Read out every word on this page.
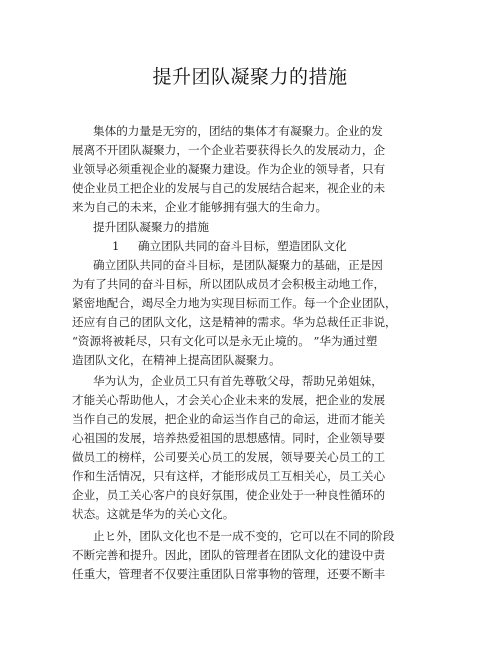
提升团队凝聚力的措施
集体的力量是无穷的，团结的集体才有凝聚力。企业的发
展离不开团队凝聚力，一个企业若要获得长久的发展动力，企
业领导必须重视企业的凝聚力建设。作为企业的领导者，只有
使企业员工把企业的发展与自己的发展结合起来，视企业的未
来为自己的未来，企业才能够拥有强大的生命力。
提升团队凝聚力的措施
1 确立团队共同的奋斗目标，塑造团队文化
确立团队共同的奋斗目标，是团队凝聚力的基础，正是因
为有了共同的奋斗目标，所以团队成员才会积极主动地工作，
紧密地配合，竭尽全力地为实现目标而工作。每一个企业团队，
还应有自己的团队文化，这是精神的需求。华为总裁任正非说，
“资源将被耗尽，只有文化可以是永无止境的。 ”华为通过塑
造团队文化，在精神上提高团队凝聚力。
华为认为，企业员工只有首先尊敬父母，帮助兄弟姐妹，
才能关心帮助他人，才会关心企业未来的发展，把企业的发展
当作自己的发展，把企业的命运当作自己的命运，进而才能关
心祖国的发展，培养热爱祖国的思想感情。同时，企业领导要
做员工的榜样，公司要关心员工的发展，领导要关心员工的工
作和生活情况，只有这样，才能形成员工互相关心，员工关心
企业，员工关心客户的良好氛围，使企业处于一种良性循环的
状态。这就是华为的关心文化。
止ヒ外，团队文化也不是一成不变的，它可以在不同的阶段
不断完善和提升。因此，团队的管理者在团队文化的建设中责
任重大，管理者不仅要注重团队日常事物的管理，还要不断丰
